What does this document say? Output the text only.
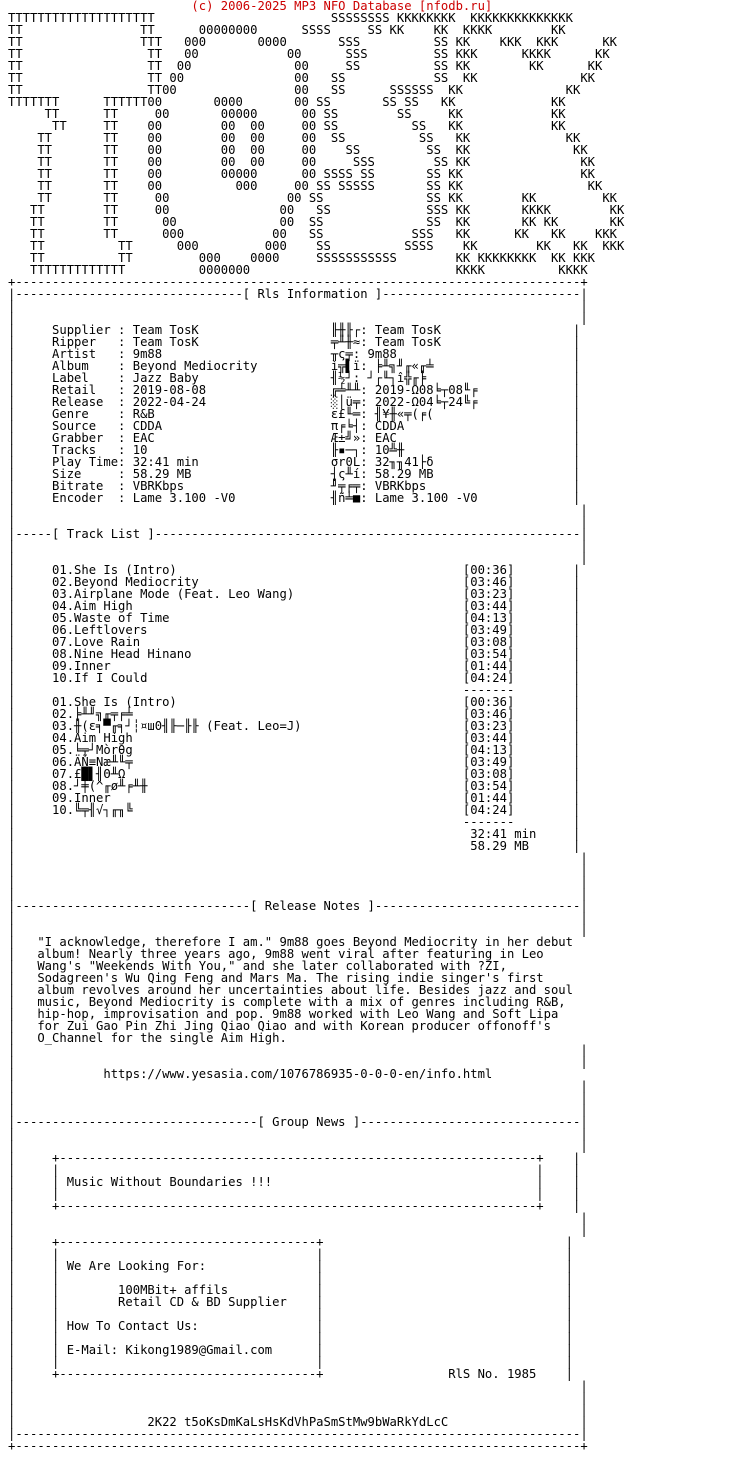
(c) 2006-2025 MP3 NFO Database [nfodb.ru]
TTTTTTTTTTTTTTTTTTTT                        SSSSSSSS KKKKKKKK  KKKKKKKKKKKKKK
TT                TT      00000000      SSSS     SS KK    KK  KKKK        KK
TT                TTT   000       0000       SSS          SS KK    KKK  KKK      KK
TT                 TT   00            00      SSS         SS KKK      KKKK      KK
TT                 TT  00              00     SS          SS KK        KK      KK
TT                 TT 00               00   SS            SS  KK              KK
TT                 TT00                00   SS      SSSSSS  KK              KK
TTTTTTT      TTTTTT00       0000       00 SS       SS SS   KK             KK
TT      TT     00       00000      00 SS        SS     KK            KK
TT     TT    00        00  00     00 SS          SS   KK            KK
TT       TT    00        00  00     00  SS          SS   KK             KK
TT       TT    00        00  00     00    SS         SS  KK              KK
TT       TT    00        00  00     00     SSS        SS KK               KK
TT       TT    00        00000      00 SSSS SS       SS KK                KK
TT       TT    00          000     00 SS SSSSS       SS KK                 KK
TT       TT     00                00 SS              SS KK        KK         KK
TT        TT     00               00   SS             SSS KK       KKKK        KK
TT        TT      00              00  SS              SS  KK       KK KK       KK
TT        TT      000            00   SS            SSS   KK      KK   KK    KKK
TT          TT      000         000    SS          SSSS    KK        KK   KK  KKK
TT          TT         000    0000     SSSSSSSSSSS        KK KKKKKKKK  KK KKK
TTTTTTTTTTTTT          0000000                            KKKK          KKKK
+-----------------------------------------------------------------------------+
|-------------------------------[ Rls Information ]---------------------------|
|                                                                             |
|                                                                             |
|     Supplier : Team TosK                  ╟╫╟┌: Team TosK                  |
|     Ripper   : Team TosK                  ╤╨╫≈: Team TosK                  |
|     Artist   : 9m88                       ╥ς╤: 9m88                        |
|     Album    : Beyond Mediocrity          ì╦▌ï: ╞╨╗╜╓«╓╧                   |
|     Label    : Jazz Baby                  ╢½┘: ┘┌╙┐î╬╓╞                    |
|     Retail   : 2019-08-08                 ╔╧╨╨: 2019-Ω08╘┬08╙╒             |
|     Release  : 2022-04-24                 ░│ü╤: 2022-Ω04╘┬24╚╒             |
|     Genre    : R&B                        ε£╙═: ╢¥╫«╤(╒(                   |
|     Source   : CDDA                       π╒╘┤: CDDA                       |
|     Grabber  : EAC                        Æ±╝»: EAC                        |
|     Tracks   : 10                         ╟▪─┐: 10╩╫                       |
|     Play Time: 32:41 min                  σr0L: 32╖╖41├δ                   |
|     Size     : 58.29 MB                   ┤ς╨í: 58.29 MB                   |
|     Bitrate  : VBRKbps                    ╜╤╒╤: VBRKbps                    |
|     Encoder  : Lame 3.100 -V0             ╢ñ╧■: Lame 3.100 -V0             |
|                                                                             |
|                                                                             |
|-----[ Track List ]----------------------------------------------------------|
|                                                                             |
|                                                                             |
|     01.She Is (Intro)                                       [00:36]        |
|     02.Beyond Mediocrity                                    [03:46]        |
|     03.Airplane Mode (Feat. Leo Wang)                       [03:23]        |
|     04.Aim High                                             [03:44]        |
|     05.Waste of Time                                        [04:13]        |
|     06.Leftlovers                                           [03:49]        |
|     07.Love Rain                                            [03:08]        |
|     08.Nine Head Hinano                                     [03:54]        |
|     09.Inner                                                [01:44]        |
|     10.If I Could                                           [04:24]        |
|                                                             -------        |
|     01.She Is (Intro)                                       [00:36]        |
|     02.╞╨╜╗╓╤╒╧                                             [03:46]        |
|     03.╫(ε╕▀╓╕┘┆¤ш0╢╟─╟╟ (Feat. Leo=J)                      [03:23]        |
|     04.Aim High                                             [03:44]        |
|     05.╘╤┘Mòrθg                                             [04:13]        |
|     06.ÄÑ≡Næ╨╙╤                                             [03:49]        |
|     07.£█▌╢Θ╨Ω                                              [03:08]        |
|     08.┘╪(^╓ø╨╒╨╫                                           [03:54]        |
|     09.Inner                                                [01:44]        |
|     10.╚╤╢√┐╓╖╚                                             [04:24]        |
|                                                             -------        |
|                                                              32:41 min     |
|                                                              58.29 MB      |
|                                                                             |
|                                                                             |
|                                                                             |
|                                                                             |
|--------------------------------[ Release Notes ]----------------------------|
|                                                                             |
|                                                                             |
|   "I acknowledge, therefore I am." 9m88 goes Beyond Mediocrity in her debut
|   album! Nearly three years ago, 9m88 went viral after featuring in Leo
|   Wang's "Weekends With You," and she later collaborated with ?ZI,
|   Sodagreen's Wu Qing Feng and Mars Ma. The rising indie singer's first
|   album revolves around her uncertainties about life. Besides jazz and soul
|   music, Beyond Mediocrity is complete with a mix of genres including R&B,
|   hip-hop, improvisation and pop. 9m88 worked with Leo Wang and Soft Lipa
|   for Zui Gao Pin Zhi Jing Qiao Qiao and with Korean producer offonoff's
|   O_Channel for the single Aim High.
|                                                                             |
|                                                                             |
|            https://www.yesasia.com/1076786935-0-0-0-en/info.html
|                                                                             |
|                                                                             |
|                                                                             |
|---------------------------------[ Group News ]------------------------------|
|                                                                             |
|                                                                             |
|     +-----------------------------------------------------------------+    |
|     |                                                                 |    |
|     | Music Without Boundaries !!!                                    |    |
|     |                                                                 |    |
|     +-----------------------------------------------------------------+    |
|                                                                             |
|                                                                             |
|     +-----------------------------------+                                 |
|     |                                   |                                 |
|     | We Are Looking For:               |                                 |
|     |                                   |                                 |
|     |        100MBit+ affils            |                                 |
|     |        Retail CD & BD Supplier    |                                 |
|     |                                   |                                 |
|     | How To Contact Us:                |                                 |
|     |                                   |                                 |
|     | E-Mail: Kikong1989@Gmail.com      |                                 |
|     |                                   |                                 |
|     +-----------------------------------+                 RlS No. 1985    |
|                                                                             |
|                                                                             |
|                                                                             |
|                  2K22 t5oKsDmKaLsHsKdVhPaSmStMw9bWaRkYdLcC                  |
|-----------------------------------------------------------------------------|
+-----------------------------------------------------------------------------+
